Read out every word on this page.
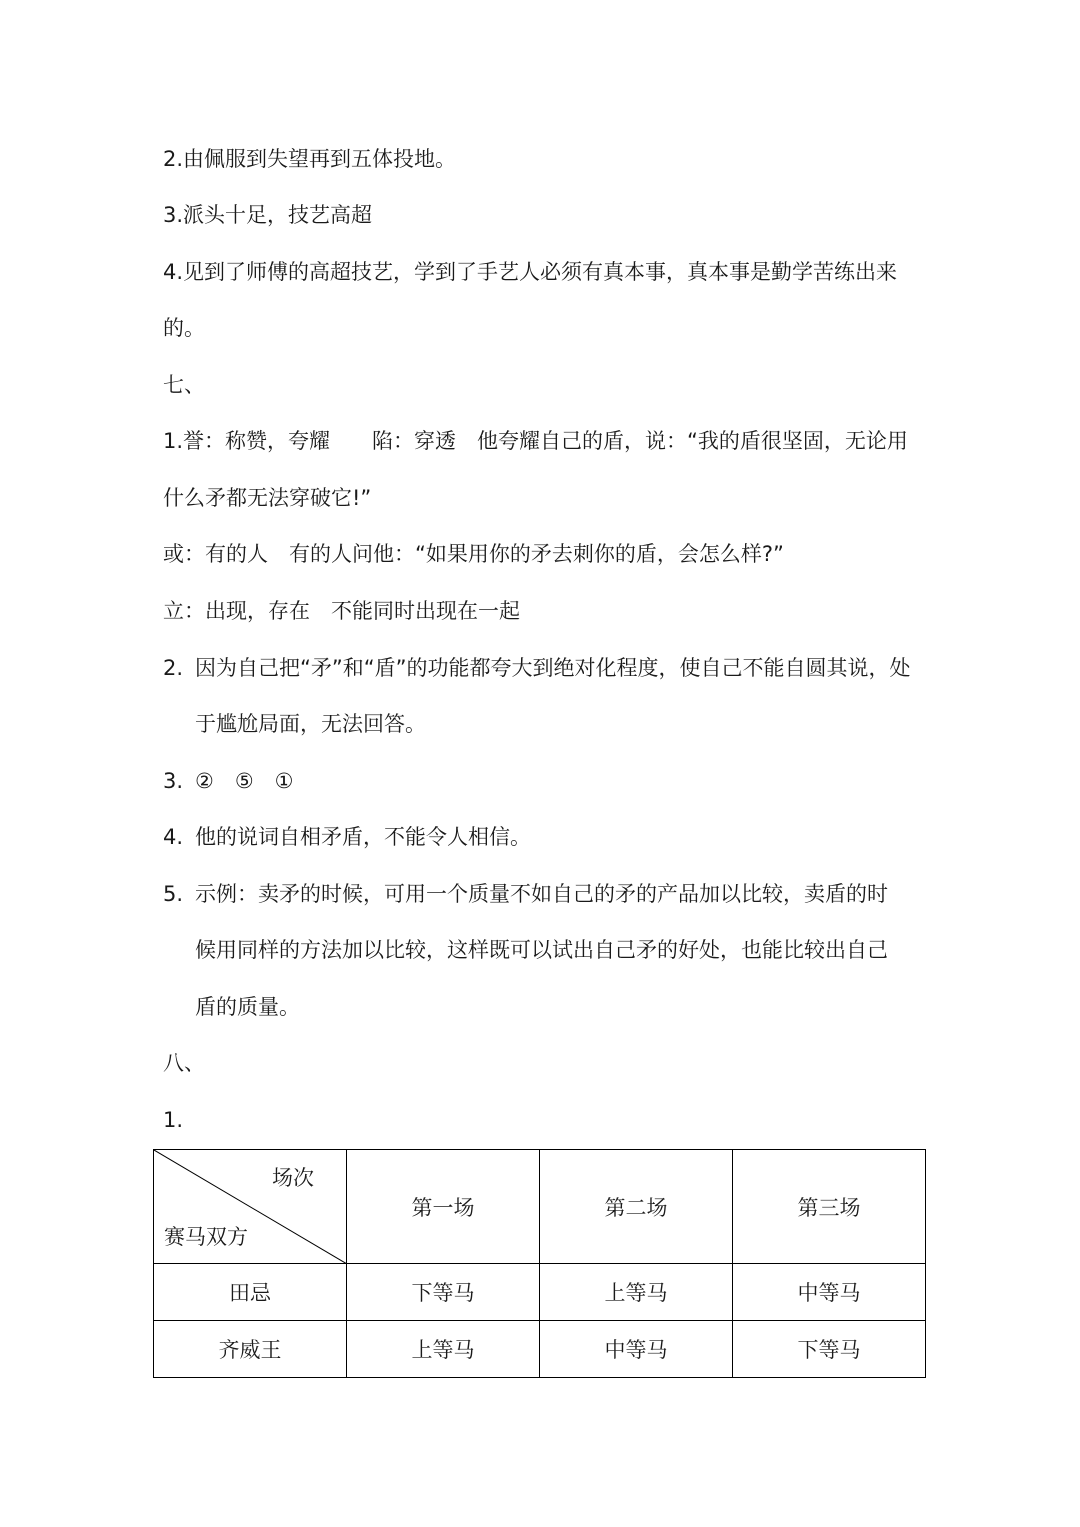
2.由佩服到失望再到五体投地。

3.派头十足，技艺高超

4.见到了师傅的高超技艺，学到了手艺人必须有真本事，真本事是勤学苦练出来

的。

七、

1.誉：称赞，夸耀　　陷：穿透　他夸耀自己的盾，说：“我的盾很坚固，无论用

什么矛都无法穿破它!”

或：有的人　有的人问他：“如果用你的矛去刺你的盾，会怎么样?”

立：出现，存在　不能同时出现在一起

2. 因为自己把“矛”和“盾”的功能都夸大到绝对化程度，使自己不能自圆其说，处

于尴尬局面，无法回答。

3. ②　⑤　①

4. 他的说词自相矛盾，不能令人相信。

5. 示例：卖矛的时候，可用一个质量不如自己的矛的产品加以比较，卖盾的时

候用同样的方法加以比较，这样既可以试出自己矛的好处，也能比较出自己

盾的质量。

八、

1.

场次
赛马双方	第一场	第二场	第三场
田忌	下等马	上等马	中等马
齐威王	上等马	中等马	下等马
